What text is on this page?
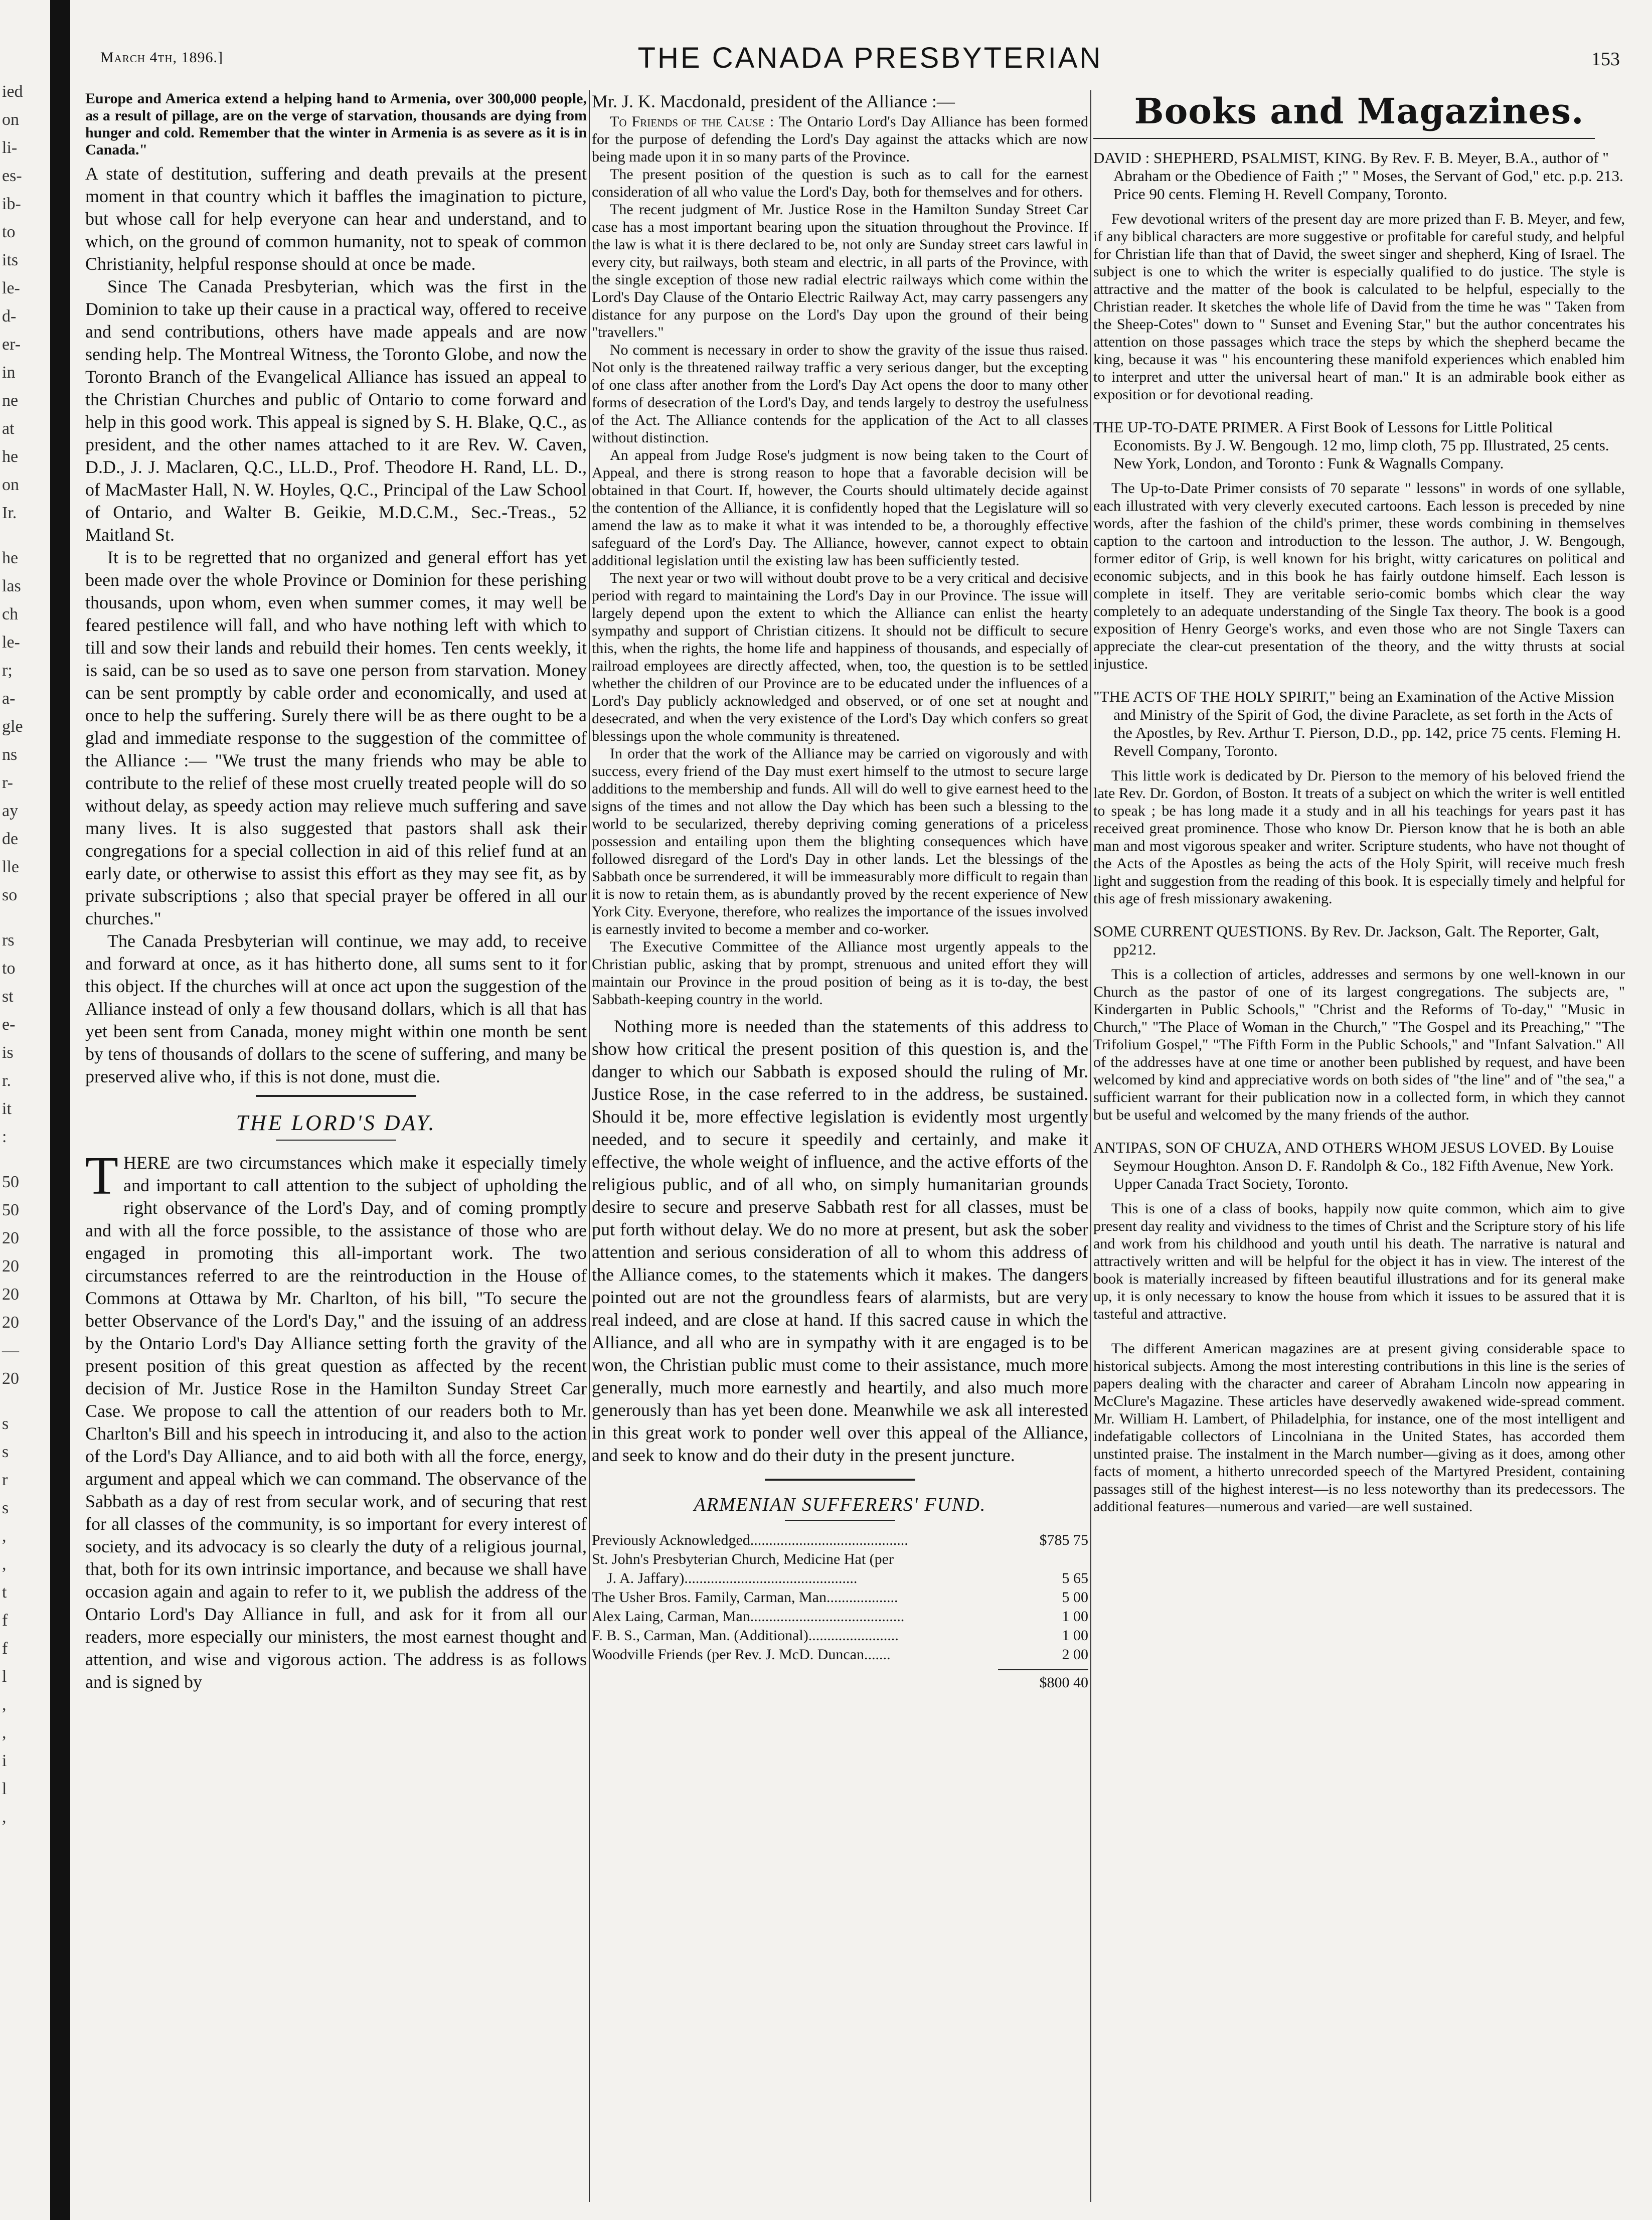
ied
on
li-
es-
ib-
to
its
le-
d-
er-
in
ne
at
he
on
Ir.
he
las
ch
le-
r;
a-
gle
ns
r-
ay
de
lle
so
rs
to
st
e-
is
r.
it
:
50
50
20
20
20
20
—
20
s
s
r
s
,
,
t
f
f
l
,
,
i
l
,
March 4th, 1896.]	THE CANADA PRESBYTERIAN	153

Europe and America extend a helping hand to Armenia, over 300,000 people, as a result of pillage, are on the verge of starvation, thousands are dying from hunger and cold. Remember that the winter in Armenia is as severe as it is in Canada."

A state of destitution, suffering and death prevails at the present moment in that country which it baffles the imagination to picture, but whose call for help everyone can hear and understand, and to which, on the ground of common humanity, not to speak of common Christianity, helpful response should at once be made.

Since The Canada Presbyterian, which was the first in the Dominion to take up their cause in a practical way, offered to receive and send contributions, others have made appeals and are now sending help. The Montreal Witness, the Toronto Globe, and now the Toronto Branch of the Evangelical Alliance has issued an appeal to the Christian Churches and public of Ontario to come forward and help in this good work. This appeal is signed by S. H. Blake, Q.C., as president, and the other names attached to it are Rev. W. Caven, D.D., J. J. Maclaren, Q.C., LL.D., Prof. Theodore H. Rand, LL. D., of MacMaster Hall, N. W. Hoyles, Q.C., Principal of the Law School of Ontario, and Walter B. Geikie, M.D.C.M., Sec.-Treas., 52 Maitland St.

It is to be regretted that no organized and general effort has yet been made over the whole Province or Dominion for these perishing thousands, upon whom, even when summer comes, it may well be feared pestilence will fall, and who have nothing left with which to till and sow their lands and rebuild their homes. Ten cents weekly, it is said, can be so used as to save one person from starvation. Money can be sent promptly by cable order and economically, and used at once to help the suffering. Surely there will be as there ought to be a glad and immediate response to the suggestion of the committee of the Alliance :— "We trust the many friends who may be able to contribute to the relief of these most cruelly treated people will do so without delay, as speedy action may relieve much suffering and save many lives. It is also suggested that pastors shall ask their congregations for a special collection in aid of this relief fund at an early date, or otherwise to assist this effort as they may see fit, as by private subscriptions ; also that special prayer be offered in all our churches."

The Canada Presbyterian will continue, we may add, to receive and forward at once, as it has hitherto done, all sums sent to it for this object. If the churches will at once act upon the suggestion of the Alliance instead of only a few thousand dollars, which is all that has yet been sent from Canada, money might within one month be sent by tens of thousands of dollars to the scene of suffering, and many be preserved alive who, if this is not done, must die.

THE LORD'S DAY.

THERE are two circumstances which make it especially timely and important to call attention to the subject of upholding the right observance of the Lord's Day, and of coming promptly and with all the force possible, to the assistance of those who are engaged in promoting this all-important work. The two circumstances referred to are the reintroduction in the House of Commons at Ottawa by Mr. Charlton, of his bill, "To secure the better Observance of the Lord's Day," and the issuing of an address by the Ontario Lord's Day Alliance setting forth the gravity of the present position of this great question as affected by the recent decision of Mr. Justice Rose in the Hamilton Sunday Street Car Case. We propose to call the attention of our readers both to Mr. Charlton's Bill and his speech in introducing it, and also to the action of the Lord's Day Alliance, and to aid both with all the force, energy, argument and appeal which we can command. The observance of the Sabbath as a day of rest from secular work, and of securing that rest for all classes of the community, is so important for every interest of society, and its advocacy is so clearly the duty of a religious journal, that, both for its own intrinsic importance, and because we shall have occasion again and again to refer to it, we publish the address of the Ontario Lord's Day Alliance in full, and ask for it from all our readers, more especially our ministers, the most earnest thought and attention, and wise and vigorous action. The address is as follows and is signed by

Mr. J. K. Macdonald, president of the Alliance :—

To Friends of the Cause : The Ontario Lord's Day Alliance has been formed for the purpose of defending the Lord's Day against the attacks which are now being made upon it in so many parts of the Province.

The present position of the question is such as to call for the earnest consideration of all who value the Lord's Day, both for themselves and for others.

The recent judgment of Mr. Justice Rose in the Hamilton Sunday Street Car case has a most important bearing upon the situation throughout the Province. If the law is what it is there declared to be, not only are Sunday street cars lawful in every city, but railways, both steam and electric, in all parts of the Province, with the single exception of those new radial electric railways which come within the Lord's Day Clause of the Ontario Electric Railway Act, may carry passengers any distance for any purpose on the Lord's Day upon the ground of their being "travellers."

No comment is necessary in order to show the gravity of the issue thus raised. Not only is the threatened railway traffic a very serious danger, but the excepting of one class after another from the Lord's Day Act opens the door to many other forms of desecration of the Lord's Day, and tends largely to destroy the usefulness of the Act. The Alliance contends for the application of the Act to all classes without distinction.

An appeal from Judge Rose's judgment is now being taken to the Court of Appeal, and there is strong reason to hope that a favorable decision will be obtained in that Court. If, however, the Courts should ultimately decide against the contention of the Alliance, it is confidently hoped that the Legislature will so amend the law as to make it what it was intended to be, a thoroughly effective safeguard of the Lord's Day. The Alliance, however, cannot expect to obtain additional legislation until the existing law has been sufficiently tested.

The next year or two will without doubt prove to be a very critical and decisive period with regard to maintaining the Lord's Day in our Province. The issue will largely depend upon the extent to which the Alliance can enlist the hearty sympathy and support of Christian citizens. It should not be difficult to secure this, when the rights, the home life and happiness of thousands, and especially of railroad employees are directly affected, when, too, the question is to be settled whether the children of our Province are to be educated under the influences of a Lord's Day publicly acknowledged and observed, or of one set at nought and desecrated, and when the very existence of the Lord's Day which confers so great blessings upon the whole community is threatened.

In order that the work of the Alliance may be carried on vigorously and with success, every friend of the Day must exert himself to the utmost to secure large additions to the membership and funds. All will do well to give earnest heed to the signs of the times and not allow the Day which has been such a blessing to the world to be secularized, thereby depriving coming generations of a priceless possession and entailing upon them the blighting consequences which have followed disregard of the Lord's Day in other lands. Let the blessings of the Sabbath once be surrendered, it will be immeasurably more difficult to regain than it is now to retain them, as is abundantly proved by the recent experience of New York City. Everyone, therefore, who realizes the importance of the issues involved is earnestly invited to become a member and co-worker.

The Executive Committee of the Alliance most urgently appeals to the Christian public, asking that by prompt, strenuous and united effort they will maintain our Province in the proud position of being as it is to-day, the best Sabbath-keeping country in the world.

Nothing more is needed than the statements of this address to show how critical the present position of this question is, and the danger to which our Sabbath is exposed should the ruling of Mr. Justice Rose, in the case referred to in the address, be sustained. Should it be, more effective legislation is evidently most urgently needed, and to secure it speedily and certainly, and make it effective, the whole weight of influence, and the active efforts of the religious public, and of all who, on simply humanitarian grounds desire to secure and preserve Sabbath rest for all classes, must be put forth without delay. We do no more at present, but ask the sober attention and serious consideration of all to whom this address of the Alliance comes, to the statements which it makes. The dangers pointed out are not the groundless fears of alarmists, but are very real indeed, and are close at hand. If this sacred cause in which the Alliance, and all who are in sympathy with it are engaged is to be won, the Christian public must come to their assistance, much more generally, much more earnestly and heartily, and also much more generously than has yet been done. Meanwhile we ask all interested in this great work to ponder well over this appeal of the Alliance, and seek to know and do their duty in the present juncture.

ARMENIAN SUFFERERS' FUND.
Previously Acknowledged..........................................	$785 75
St. John's Presbyterian Church, Medicine Hat (per
J. A. Jaffary)..............................................	5 65
The Usher Bros. Family, Carman, Man...................	5 00
Alex Laing, Carman, Man.........................................	1 00
F. B. S., Carman, Man. (Additional)........................	1 00
Woodville Friends (per Rev. J. McD. Duncan.......	2 00
$800 40
Books and Magazines.

DAVID : SHEPHERD, PSALMIST, KING. By Rev. F. B. Meyer, B.A., author of " Abraham or the Obedience of Faith ;" " Moses, the Servant of God," etc. p.p. 213. Price 90 cents. Fleming H. Revell Company, Toronto.

Few devotional writers of the present day are more prized than F. B. Meyer, and few, if any biblical characters are more suggestive or profitable for careful study, and helpful for Christian life than that of David, the sweet singer and shepherd, King of Israel. The subject is one to which the writer is especially qualified to do justice. The style is attractive and the matter of the book is calculated to be helpful, especially to the Christian reader. It sketches the whole life of David from the time he was " Taken from the Sheep-Cotes" down to " Sunset and Evening Star," but the author concentrates his attention on those passages which trace the steps by which the shepherd became the king, because it was " his encountering these manifold experiences which enabled him to interpret and utter the universal heart of man." It is an admirable book either as exposition or for devotional reading.

THE UP-TO-DATE PRIMER. A First Book of Lessons for Little Political Economists. By J. W. Bengough. 12 mo, limp cloth, 75 pp. Illustrated, 25 cents. New York, London, and Toronto : Funk & Wagnalls Company.

The Up-to-Date Primer consists of 70 separate " lessons" in words of one syllable, each illustrated with very cleverly executed cartoons. Each lesson is preceded by nine words, after the fashion of the child's primer, these words combining in themselves caption to the cartoon and introduction to the lesson. The author, J. W. Bengough, former editor of Grip, is well known for his bright, witty caricatures on political and economic subjects, and in this book he has fairly outdone himself. Each lesson is complete in itself. They are veritable serio-comic bombs which clear the way completely to an adequate understanding of the Single Tax theory. The book is a good exposition of Henry George's works, and even those who are not Single Taxers can appreciate the clear-cut presentation of the theory, and the witty thrusts at social injustice.

"THE ACTS OF THE HOLY SPIRIT," being an Examination of the Active Mission and Ministry of the Spirit of God, the divine Paraclete, as set forth in the Acts of the Apostles, by Rev. Arthur T. Pierson, D.D., pp. 142, price 75 cents. Fleming H. Revell Company, Toronto.

This little work is dedicated by Dr. Pierson to the memory of his beloved friend the late Rev. Dr. Gordon, of Boston. It treats of a subject on which the writer is well entitled to speak ; be has long made it a study and in all his teachings for years past it has received great prominence. Those who know Dr. Pierson know that he is both an able man and most vigorous speaker and writer. Scripture students, who have not thought of the Acts of the Apostles as being the acts of the Holy Spirit, will receive much fresh light and suggestion from the reading of this book. It is especially timely and helpful for this age of fresh missionary awakening.

SOME CURRENT QUESTIONS. By Rev. Dr. Jackson, Galt. The Reporter, Galt, pp212.

This is a collection of articles, addresses and sermons by one well-known in our Church as the pastor of one of its largest congregations. The subjects are, " Kindergarten in Public Schools," "Christ and the Reforms of To-day," "Music in Church," "The Place of Woman in the Church," "The Gospel and its Preaching," "The Trifolium Gospel," "The Fifth Form in the Public Schools," and "Infant Salvation." All of the addresses have at one time or another been published by request, and have been welcomed by kind and appreciative words on both sides of "the line" and of "the sea," a sufficient warrant for their publication now in a collected form, in which they cannot but be useful and welcomed by the many friends of the author.

ANTIPAS, SON OF CHUZA, AND OTHERS WHOM JESUS LOVED. By Louise Seymour Houghton. Anson D. F. Randolph & Co., 182 Fifth Avenue, New York. Upper Canada Tract Society, Toronto.

This is one of a class of books, happily now quite common, which aim to give present day reality and vividness to the times of Christ and the Scripture story of his life and work from his childhood and youth until his death. The narrative is natural and attractively written and will be helpful for the object it has in view. The interest of the book is materially increased by fifteen beautiful illustrations and for its general make up, it is only necessary to know the house from which it issues to be assured that it is tasteful and attractive.

The different American magazines are at present giving considerable space to historical subjects. Among the most interesting contributions in this line is the series of papers dealing with the character and career of Abraham Lincoln now appearing in McClure's Magazine. These articles have deservedly awakened wide-spread comment. Mr. William H. Lambert, of Philadelphia, for instance, one of the most intelligent and indefatigable collectors of Lincolniana in the United States, has accorded them unstinted praise. The instalment in the March number—giving as it does, among other facts of moment, a hitherto unrecorded speech of the Martyred President, containing passages still of the highest interest—is no less noteworthy than its predecessors. The additional features—numerous and varied—are well sustained.
